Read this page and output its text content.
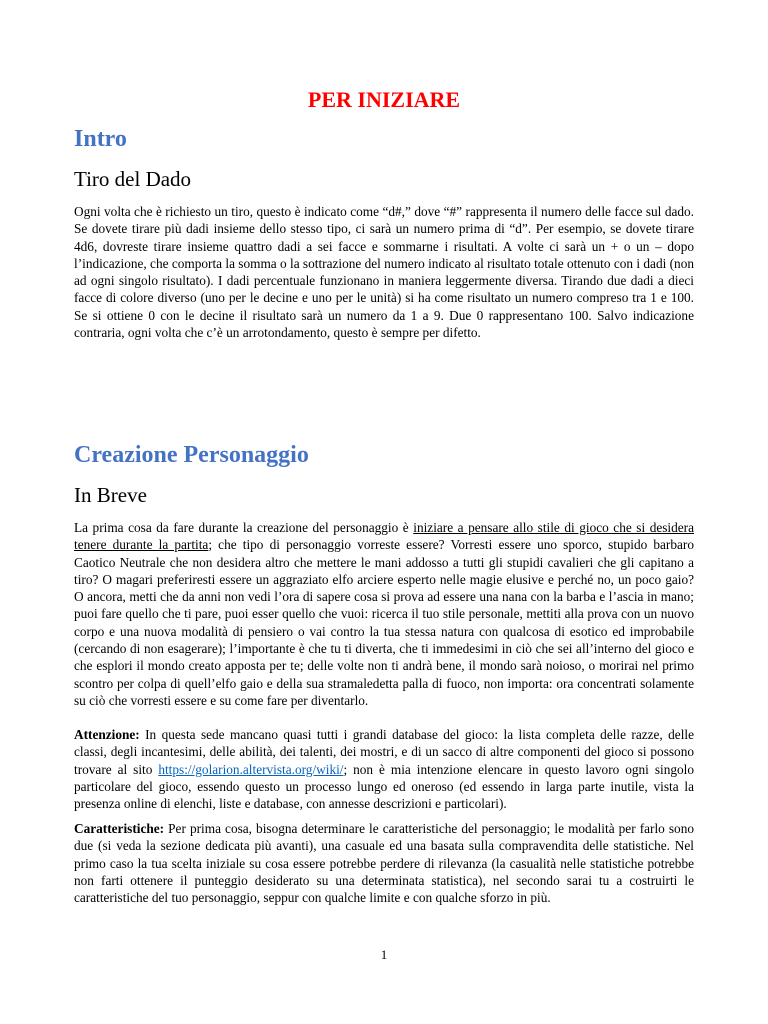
PER INIZIARE
Intro
Tiro del Dado

Ogni volta che è richiesto un tiro, questo è indicato come “d#,” dove “#” rappresenta il numero delle facce sul dado. Se dovete tirare più dadi insieme dello stesso tipo, ci sarà un numero prima di “d”. Per esempio, se dovete tirare 4d6, dovreste tirare insieme quattro dadi a sei facce e sommarne i risultati. A volte ci sarà un + o un – dopo l’indicazione, che comporta la somma o la sottrazione del numero indicato al risultato totale ottenuto con i dadi (non ad ogni singolo risultato). I dadi percentuale funzionano in maniera leggermente diversa. Tirando due dadi a dieci facce di colore diverso (uno per le decine e uno per le unità) si ha come risultato un numero compreso tra 1 e 100. Se si ottiene 0 con le decine il risultato sarà un numero da 1 a 9. Due 0 rappresentano 100. Salvo indicazione contraria, ogni volta che c’è un arrotondamento, questo è sempre per difetto.

Creazione Personaggio
In Breve

La prima cosa da fare durante la creazione del personaggio è iniziare a pensare allo stile di gioco che si desidera tenere durante la partita; che tipo di personaggio vorreste essere? Vorresti essere uno sporco, stupido barbaro Caotico Neutrale che non desidera altro che mettere le mani addosso a tutti gli stupidi cavalieri che gli capitano a tiro? O magari preferiresti essere un aggraziato elfo arciere esperto nelle magie elusive e perché no, un poco gaio? O ancora, metti che da anni non vedi l’ora di sapere cosa si prova ad essere una nana con la barba e l’ascia in mano; puoi fare quello che ti pare, puoi esser quello che vuoi: ricerca il tuo stile personale, mettiti alla prova con un nuovo corpo e una nuova modalità di pensiero o vai contro la tua stessa natura con qualcosa di esotico ed improbabile (cercando di non esagerare); l’importante è che tu ti diverta, che ti immedesimi in ciò che sei all’interno del gioco e che esplori il mondo creato apposta per te; delle volte non ti andrà bene, il mondo sarà noioso, o morirai nel primo scontro per colpa di quell’elfo gaio e della sua stramaledetta palla di fuoco, non importa: ora concentrati solamente su ciò che vorresti essere e su come fare per diventarlo.

Attenzione: In questa sede mancano quasi tutti i grandi database del gioco: la lista completa delle razze, delle classi, degli incantesimi, delle abilità, dei talenti, dei mostri, e di un sacco di altre componenti del gioco si possono trovare al sito https://golarion.altervista.org/wiki/; non è mia intenzione elencare in questo lavoro ogni singolo particolare del gioco, essendo questo un processo lungo ed oneroso (ed essendo in larga parte inutile, vista la presenza online di elenchi, liste e database, con annesse descrizioni e particolari).

Caratteristiche: Per prima cosa, bisogna determinare le caratteristiche del personaggio; le modalità per farlo sono due (si veda la sezione dedicata più avanti), una casuale ed una basata sulla compravendita delle statistiche. Nel primo caso la tua scelta iniziale su cosa essere potrebbe perdere di rilevanza (la casualità nelle statistiche potrebbe non farti ottenere il punteggio desiderato su una determinata statistica), nel secondo sarai tu a costruirti le caratteristiche del tuo personaggio, seppur con qualche limite e con qualche sforzo in più.

1
